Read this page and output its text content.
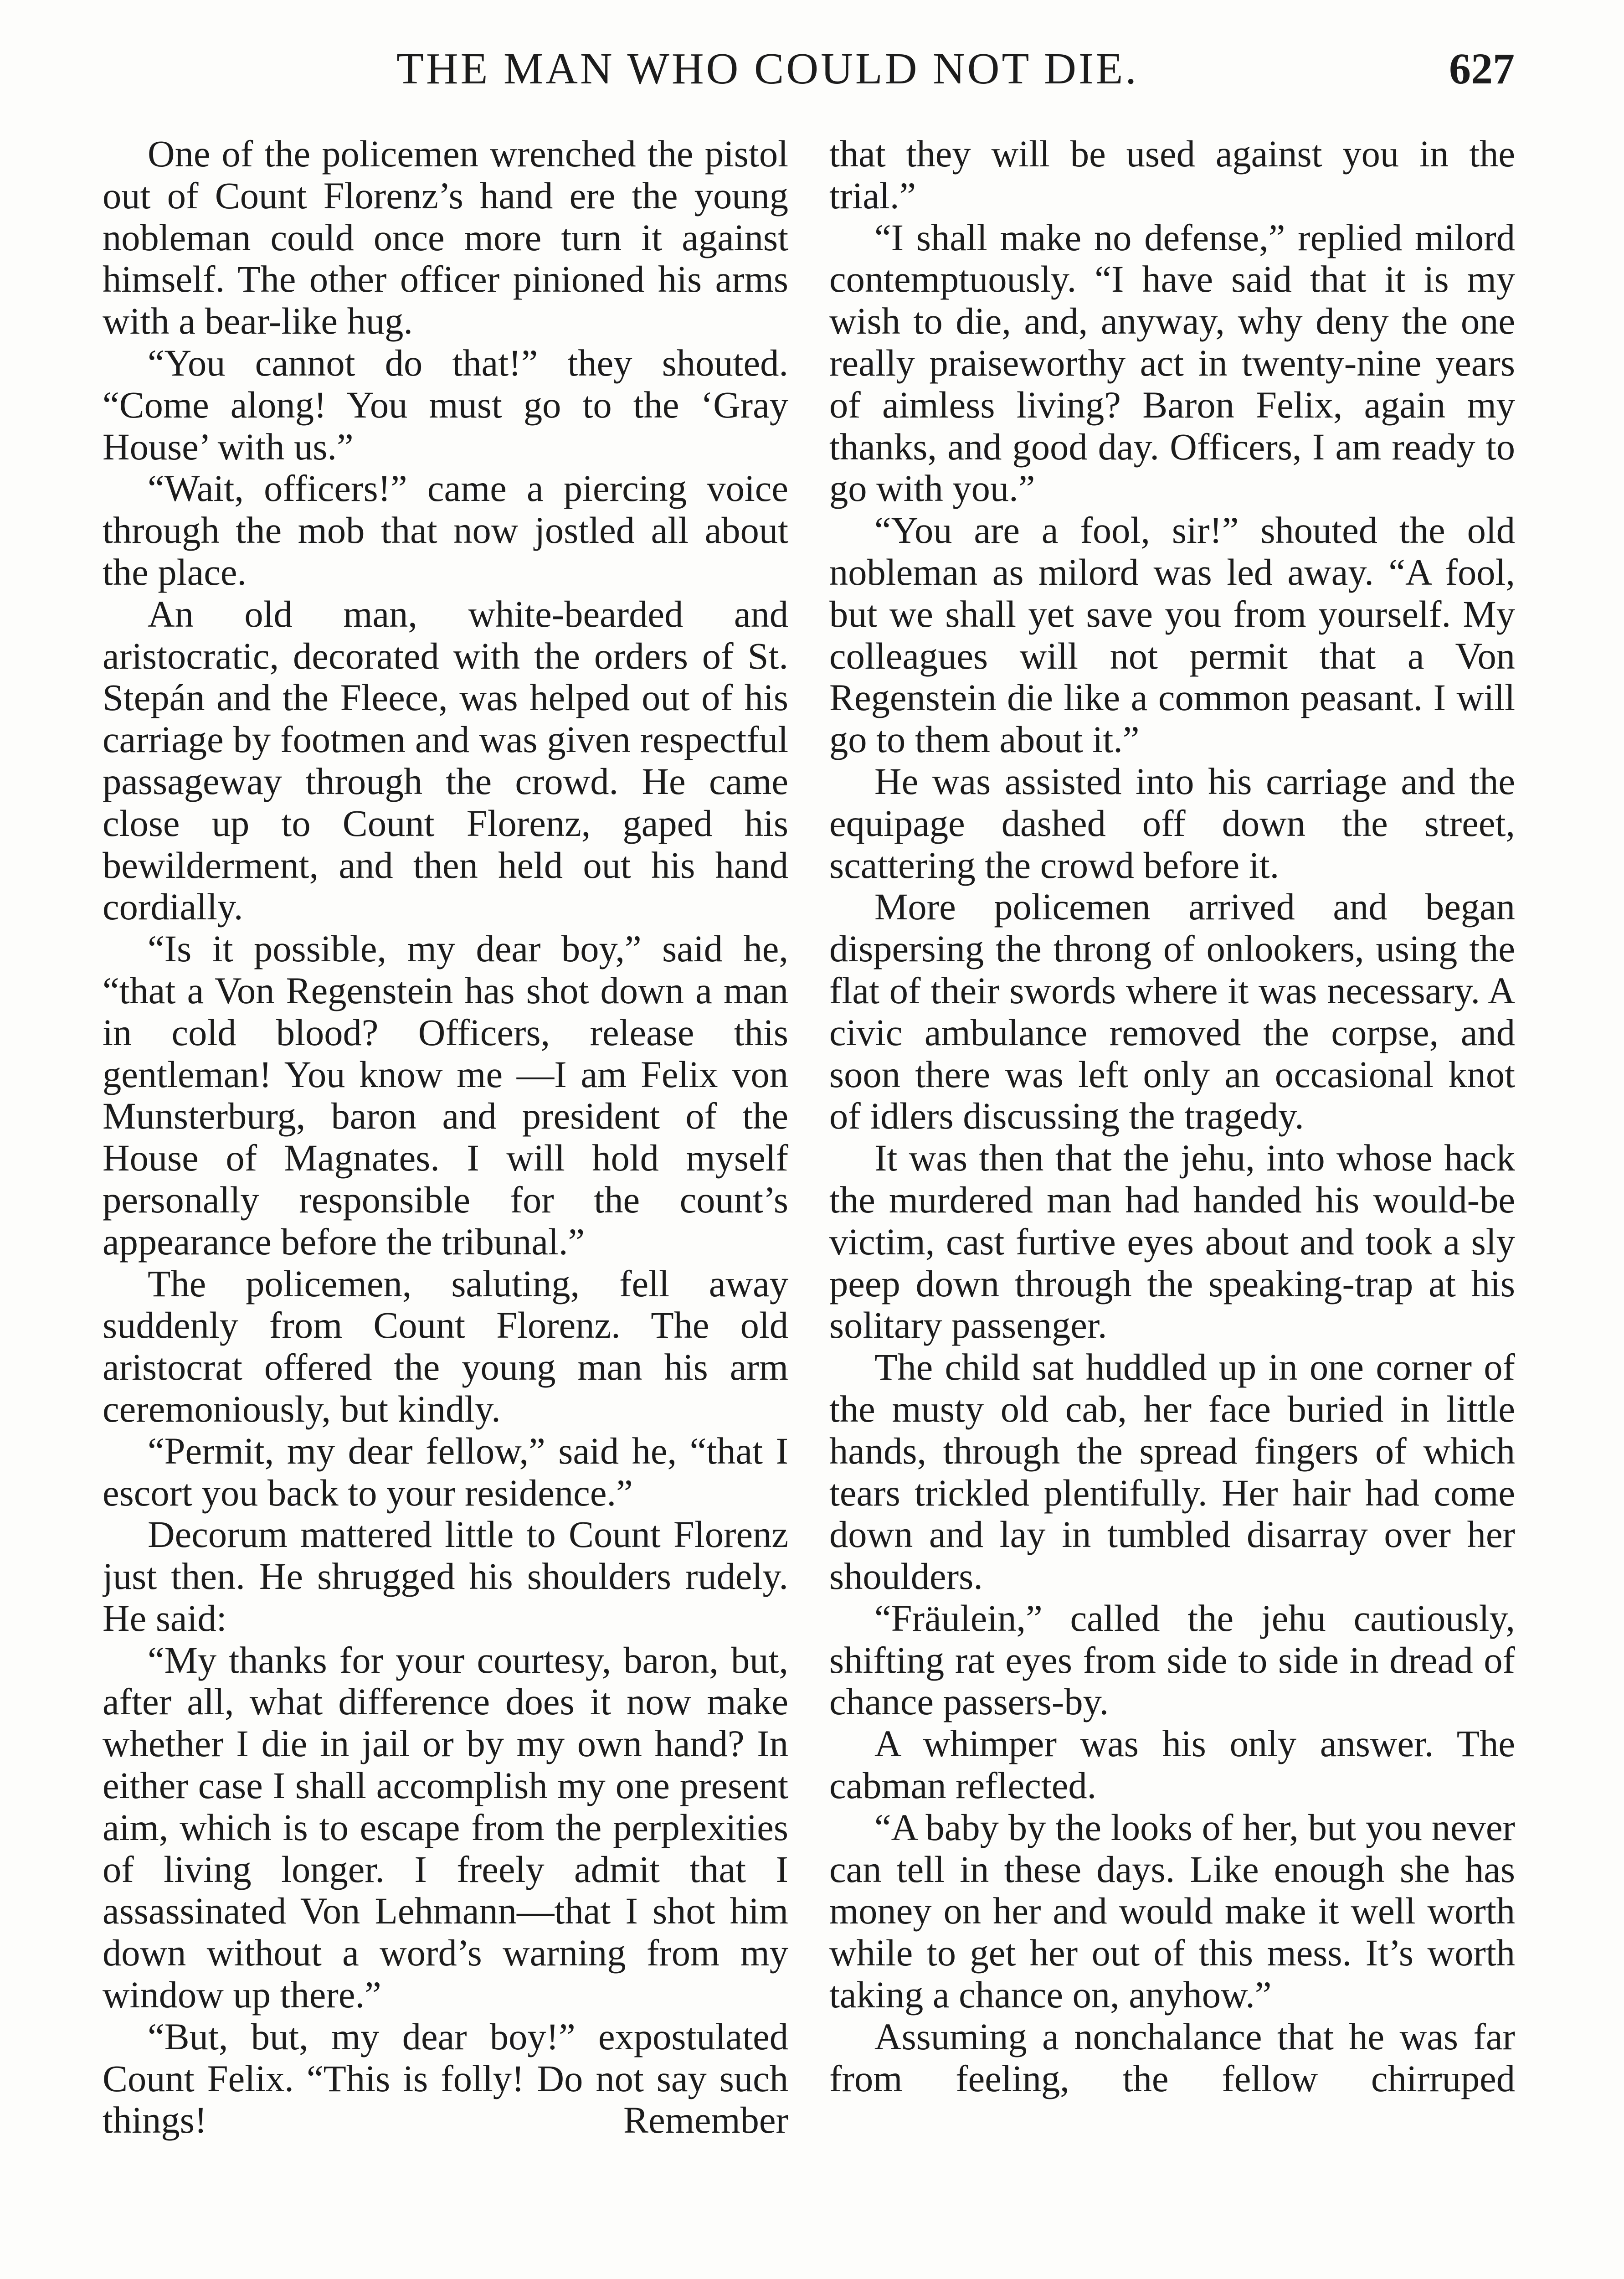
THE MAN WHO COULD NOT DIE.	627

One of the policemen wrenched the pistol out of Count Florenz’s hand ere the young nobleman could once more turn it against himself. The other officer pinioned his arms with a bear-like hug.

“You cannot do that!” they shouted. “Come along! You must go to the ‘Gray House’ with us.”

“Wait, officers!” came a piercing voice through the mob that now jostled all about the place.

An old man, white-bearded and aristocratic, decorated with the orders of St. Stepán and the Fleece, was helped out of his carriage by footmen and was given respectful passageway through the crowd. He came close up to Count Florenz, gaped his bewilderment, and then held out his hand cordially.

“Is it possible, my dear boy,” said he, “that a Von Regenstein has shot down a man in cold blood? Officers, release this gentleman! You know me —I am Felix von Munsterburg, baron and president of the House of Magnates. I will hold myself personally responsible for the count’s appearance before the tribunal.”

The policemen, saluting, fell away suddenly from Count Florenz. The old aristocrat offered the young man his arm ceremoniously, but kindly.

“Permit, my dear fellow,” said he, “that I escort you back to your residence.”

Decorum mattered little to Count Florenz just then. He shrugged his shoulders rudely. He said:

“My thanks for your courtesy, baron, but, after all, what difference does it now make whether I die in jail or by my own hand? In either case I shall accomplish my one present aim, which is to escape from the perplexities of living longer. I freely admit that I assassinated Von Lehmann—that I shot him down without a word’s warning from my window up there.”

“But, but, my dear boy!” expostulated Count Felix. “This is folly! Do not say such things! Remember

that they will be used against you in the trial.”

“I shall make no defense,” replied milord contemptuously. “I have said that it is my wish to die, and, anyway, why deny the one really praiseworthy act in twenty-nine years of aimless living? Baron Felix, again my thanks, and good day. Officers, I am ready to go with you.”

“You are a fool, sir!” shouted the old nobleman as milord was led away. “A fool, but we shall yet save you from yourself. My colleagues will not permit that a Von Regenstein die like a common peasant. I will go to them about it.”

He was assisted into his carriage and the equipage dashed off down the street, scattering the crowd before it.

More policemen arrived and began dispersing the throng of onlookers, using the flat of their swords where it was necessary. A civic ambulance removed the corpse, and soon there was left only an occasional knot of idlers discussing the tragedy.

It was then that the jehu, into whose hack the murdered man had handed his would-be victim, cast furtive eyes about and took a sly peep down through the speaking-trap at his solitary passenger.

The child sat huddled up in one corner of the musty old cab, her face buried in little hands, through the spread fingers of which tears trickled plentifully. Her hair had come down and lay in tumbled disarray over her shoulders.

“Fräulein,” called the jehu cautiously, shifting rat eyes from side to side in dread of chance passers-by.

A whimper was his only answer. The cabman reflected.

“A baby by the looks of her, but you never can tell in these days. Like enough she has money on her and would make it well worth while to get her out of this mess. It’s worth taking a chance on, anyhow.”

Assuming a nonchalance that he was far from feeling, the fellow chirruped
